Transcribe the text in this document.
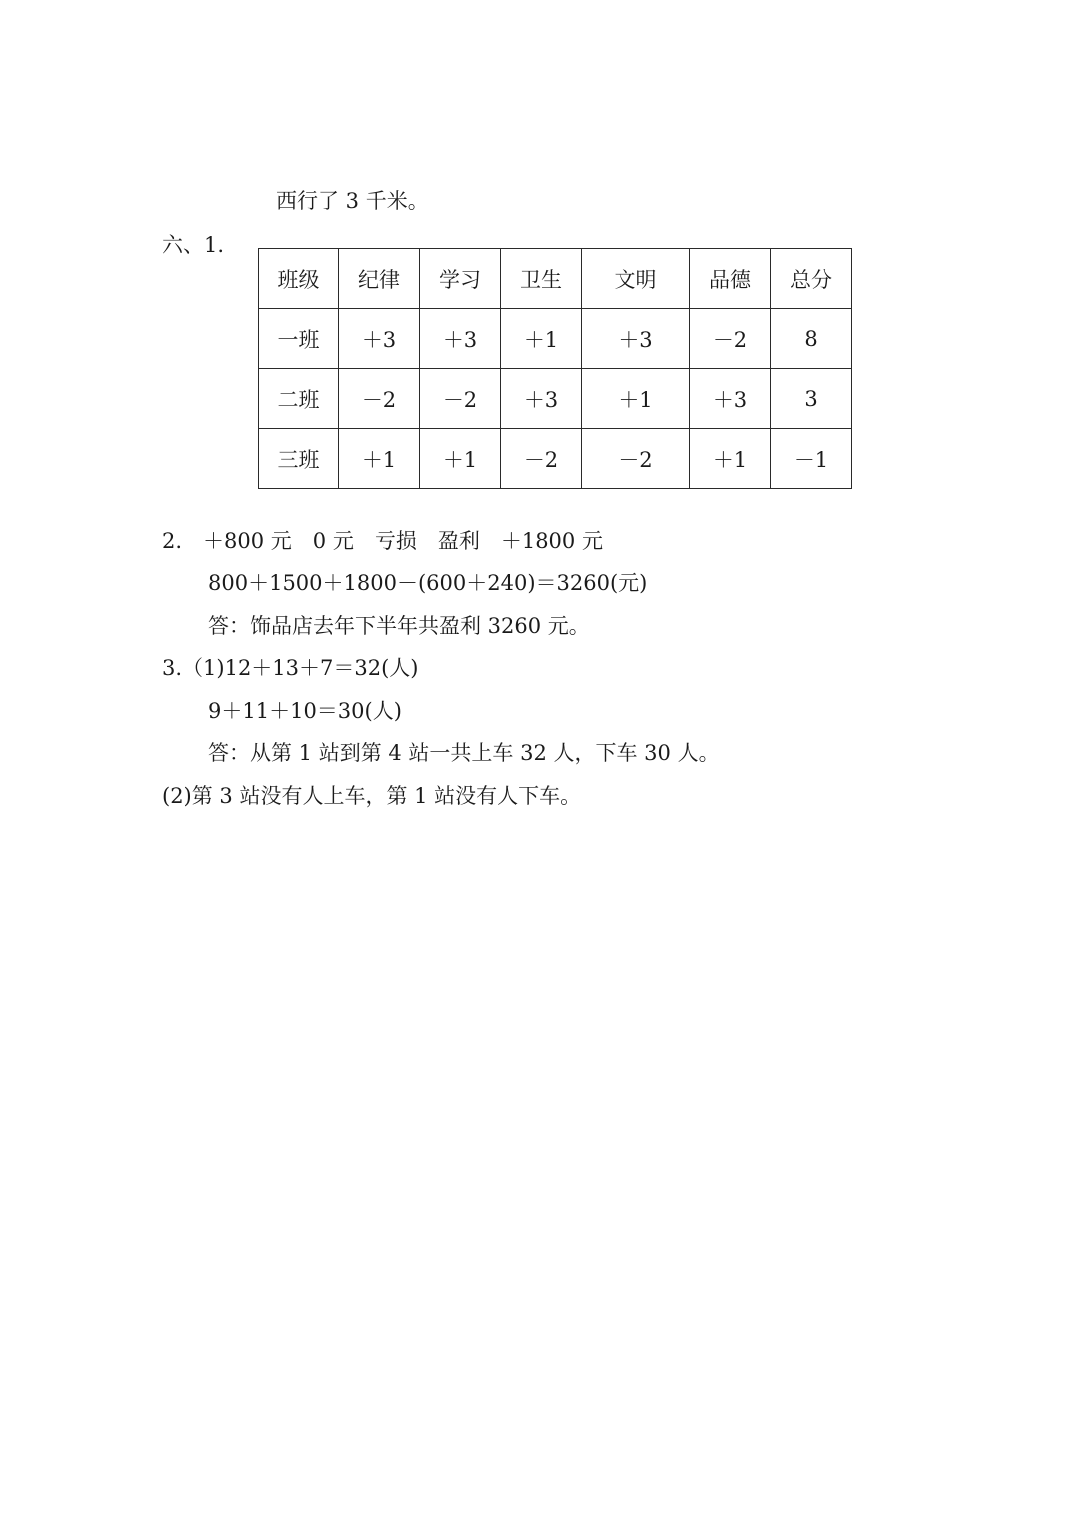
西行了 3 千米。
六、1.
班级	纪律	学习	卫生	文明	品德	总分
一班	＋3	＋3	＋1	＋3	－2	8
二班	－2	－2	＋3	＋1	＋3	3
三班	＋1	＋1	－2	－2	＋1	－1
2.　＋800 元　0 元　亏损　盈利　＋1800 元
800＋1500＋1800－(600＋240)＝3260(元)
答：饰品店去年下半年共盈利 3260 元。
3.（1)12＋13＋7＝32(人)
9＋11＋10＝30(人)
答：从第 1 站到第 4 站一共上车 32 人，下车 30 人。
(2)第 3 站没有人上车，第 1 站没有人下车。
